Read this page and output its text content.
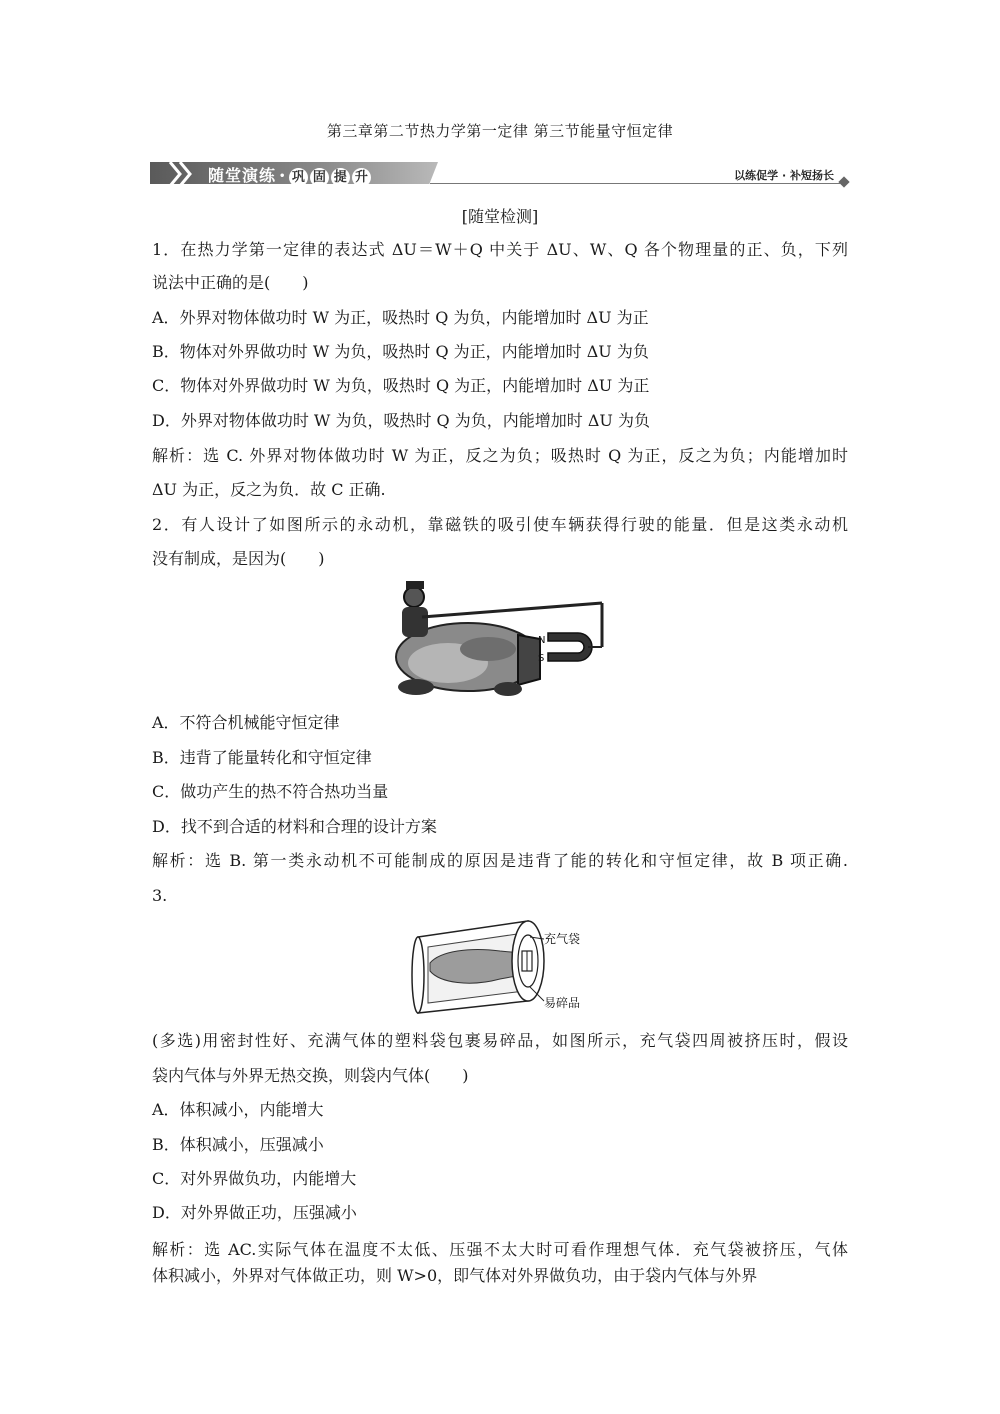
第三章第二节热力学第一定律 第三节能量守恒定律
随堂演练 • 巩 固 提 升	以练促学 · 补短扬长
[随堂检测]
1．在热力学第一定律的表达式 ΔU＝W＋Q 中关于 ΔU、W、Q 各个物理量的正、负，下列
说法中正确的是(　　)
A．外界对物体做功时 W 为正，吸热时 Q 为负，内能增加时 ΔU 为正
B．物体对外界做功时 W 为负，吸热时 Q 为正，内能增加时 ΔU 为负
C．物体对外界做功时 W 为负，吸热时 Q 为正，内能增加时 ΔU 为正
D．外界对物体做功时 W 为负，吸热时 Q 为负，内能增加时 ΔU 为负
解析：选 C. 外界对物体做功时 W 为正，反之为负；吸热时 Q 为正，反之为负；内能增加时
ΔU 为正，反之为负．故 C 正确.
2．有人设计了如图所示的永动机，靠磁铁的吸引使车辆获得行驶的能量．但是这类永动机
没有制成，是因为(　　)
N
S
A．不符合机械能守恒定律
B．违背了能量转化和守恒定律
C．做功产生的热不符合热功当量
D．找不到合适的材料和合理的设计方案
解析：选 B. 第一类永动机不可能制成的原因是违背了能的转化和守恒定律，故 B 项正确.
3.
充气袋
易碎品
(多选)用密封性好、充满气体的塑料袋包裹易碎品，如图所示，充气袋四周被挤压时，假设
袋内气体与外界无热交换，则袋内气体(　　)
A．体积减小，内能增大
B．体积减小，压强减小
C．对外界做负功，内能增大
D．对外界做正功，压强减小
解析：选 AC.实际气体在温度不太低、压强不太大时可看作理想气体．充气袋被挤压，气体
体积减小，外界对气体做正功，则 W>0，即气体对外界做负功，由于袋内气体与外界
